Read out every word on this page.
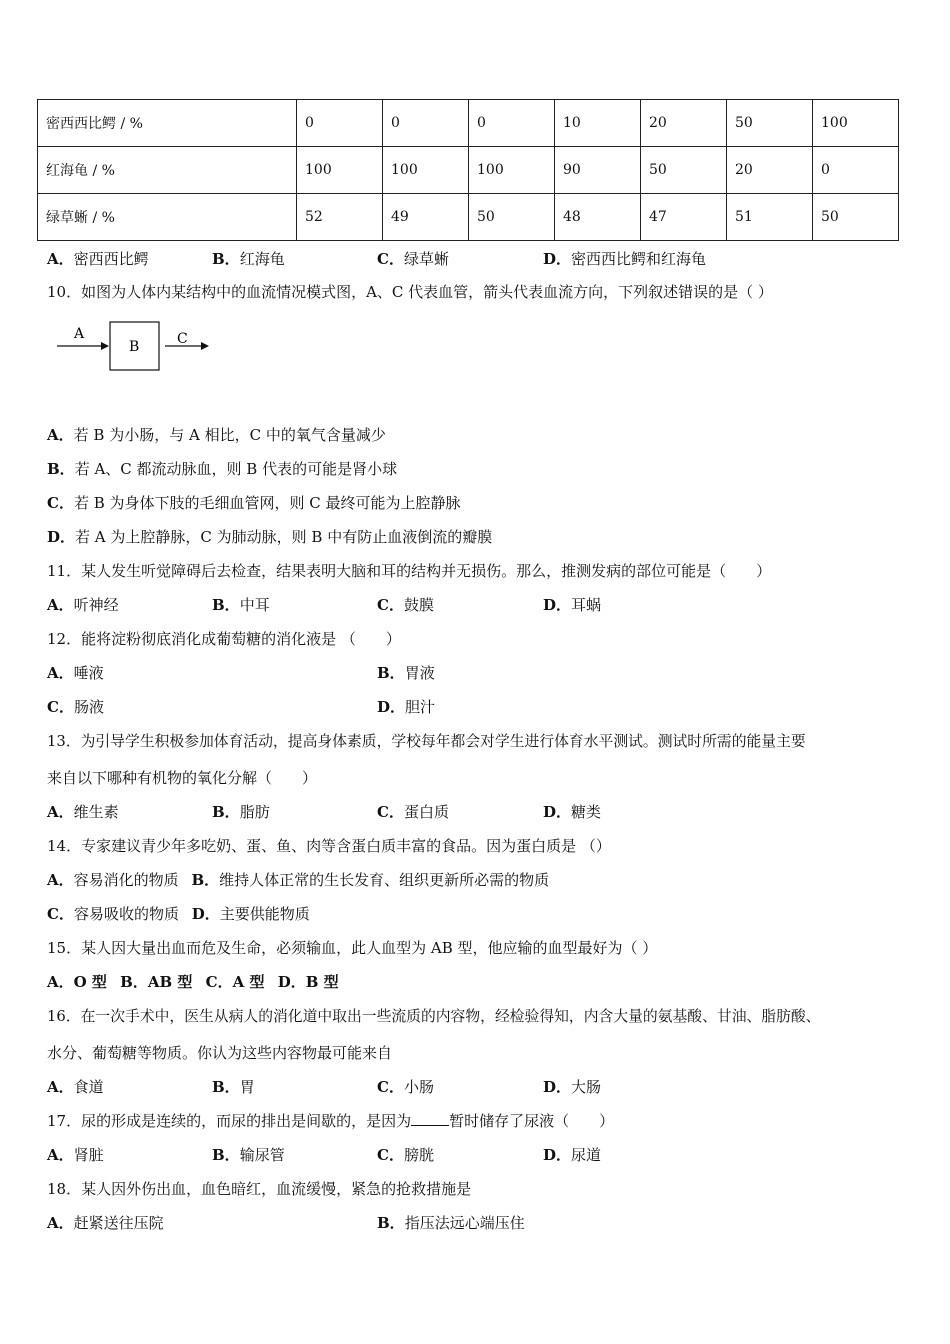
密西西比鳄 / %	0	0	0	10	20	50	100
红海龟 / %	100	100	100	90	50	20	0
绿草蜥 / %	52	49	50	48	47	51	50
A．密西西比鳄	B．红海龟	C．绿草蜥	D．密西西比鳄和红海龟
10．如图为人体内某结构中的血流情况模式图，A、C 代表血管，箭头代表血流方向，下列叙述错误的是（ ）
A
B	C
A．若 B 为小肠，与 A 相比，C 中的氧气含量减少
B．若 A、C 都流动脉血，则 B 代表的可能是肾小球
C．若 B 为身体下肢的毛细血管网，则 C 最终可能为上腔静脉
D．若 A 为上腔静脉，C 为肺动脉，则 B 中有防止血液倒流的瓣膜
11．某人发生听觉障碍后去检查，结果表明大脑和耳的结构并无损伤。那么，推测发病的部位可能是（　　）
A．听神经	B．中耳	C．鼓膜	D．耳蜗
12．能将淀粉彻底消化成葡萄糖的消化液是 （　　）
A．唾液	B．胃液
C．肠液	D．胆汁
13．为引导学生积极参加体育活动，提高身体素质，学校每年都会对学生进行体育水平测试。测试时所需的能量主要
来自以下哪种有机物的氧化分解（　　）
A．维生素	B．脂肪	C．蛋白质	D．糖类
14．专家建议青少年多吃奶、蛋、鱼、肉等含蛋白质丰富的食品。因为蛋白质是 （）
A．容易消化的物质 B．维持人体正常的生长发育、组织更新所必需的物质
C．容易吸收的物质 D．主要供能物质
15．某人因大量出血而危及生命，必须输血，此人血型为 AB 型，他应输的血型最好为（ ）
A．O 型 B．AB 型 C．A 型 D．B 型
16．在一次手术中，医生从病人的消化道中取出一些流质的内容物，经检验得知，内含大量的氨基酸、甘油、脂肪酸、
水分、葡萄糖等物质。你认为这些内容物最可能来自
A．食道	B．胃	C．小肠	D．大肠
17．尿的形成是连续的，而尿的排出是间歇的，是因为	暂时储存了尿液（　　）
A．肾脏	B．输尿管	C．膀胱	D．尿道
18．某人因外伤出血，血色暗红，血流缓慢，紧急的抢救措施是
A．赶紧送往压院	B．指压法远心端压住
